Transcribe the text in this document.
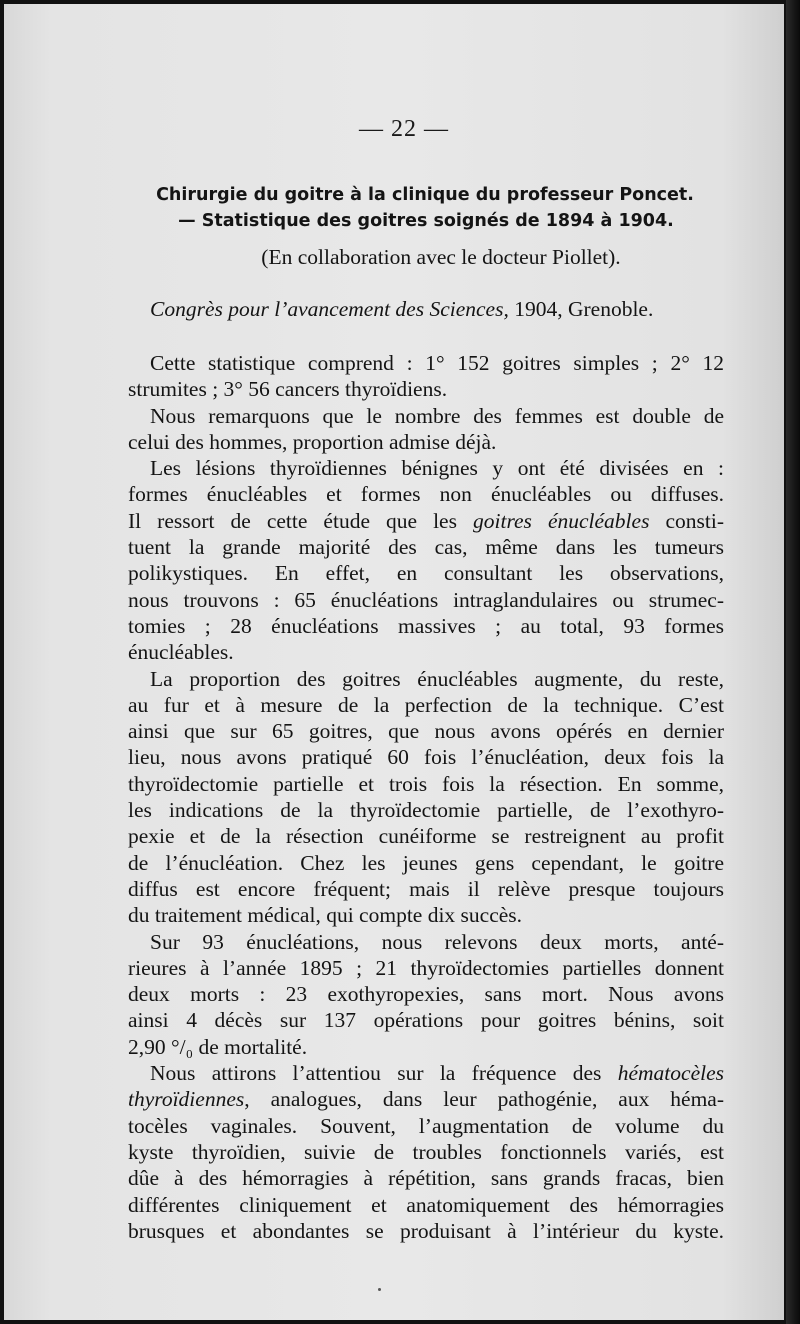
— 22 —
Chirurgie du goitre à la clinique du professeur Poncet.
— Statistique des goitres soignés de 1894 à 1904.
(En collaboration avec le docteur Piollet).
Congrès pour l’avancement des Sciences, 1904, Grenoble.

Cette statistique comprend : 1° 152 goitres simples ; 2° 12
strumites ; 3° 56 cancers thyroïdiens.

Nous remarquons que le nombre des femmes est double de
celui des hommes, proportion admise déjà.

Les lésions thyroïdiennes bénignes y ont été divisées en :
formes énucléables et formes non énucléables ou diffuses.
Il ressort de cette étude que les goitres énucléables consti-
tuent la grande majorité des cas, même dans les tumeurs
polikystiques. En effet, en consultant les observations,
nous trouvons : 65 énucléations intraglandulaires ou strumec-
tomies ; 28 énucléations massives ; au total, 93 formes
énucléables.

La proportion des goitres énucléables augmente, du reste,
au fur et à mesure de la perfection de la technique. C’est
ainsi que sur 65 goitres, que nous avons opérés en dernier
lieu, nous avons pratiqué 60 fois l’énucléation, deux fois la
thyroïdectomie partielle et trois fois la résection. En somme,
les indications de la thyroïdectomie partielle, de l’exothyro-
pexie et de la résection cunéiforme se restreignent au profit
de l’énucléation. Chez les jeunes gens cependant, le goitre
diffus est encore fréquent; mais il relève presque toujours
du traitement médical, qui compte dix succès.

Sur 93 énucléations, nous relevons deux morts, anté-
rieures à l’année 1895 ; 21 thyroïdectomies partielles donnent
deux morts : 23 exothyropexies, sans mort. Nous avons
ainsi 4 décès sur 137 opérations pour goitres bénins, soit
2,90 °/₀ de mortalité.

Nous attirons l’attentiou sur la fréquence des hématocèles
thyroïdiennes, analogues, dans leur pathogénie, aux héma-
tocèles vaginales. Souvent, l’augmentation de volume du
kyste thyroïdien, suivie de troubles fonctionnels variés, est
dûe à des hémorragies à répétition, sans grands fracas, bien
différentes cliniquement et anatomiquement des hémorragies
brusques et abondantes se produisant à l’intérieur du kyste.
